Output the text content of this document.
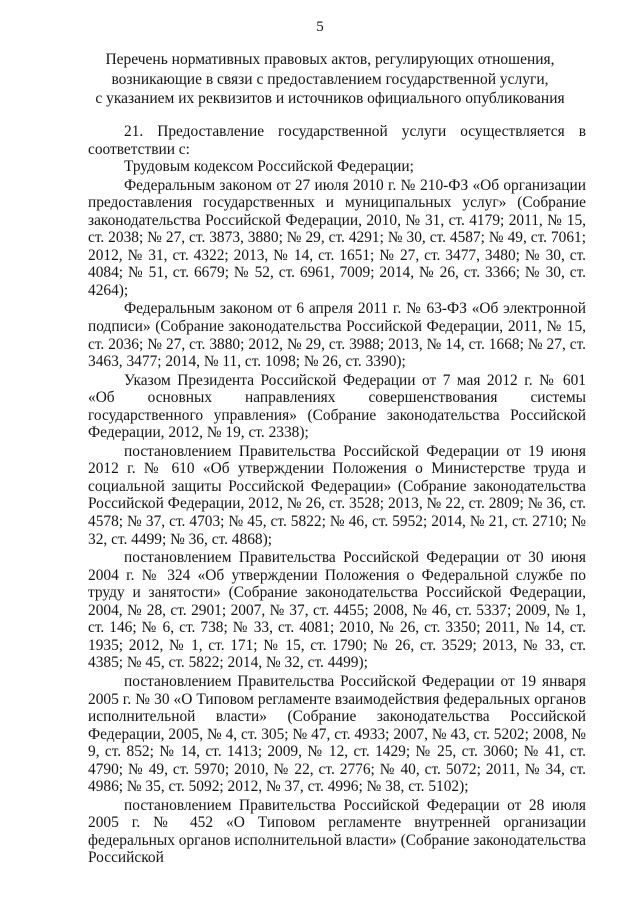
5
Перечень нормативных правовых актов, регулирующих отношения,
возникающие в связи с предоставлением государственной услуги,
с указанием их реквизитов и источников официального опубликования

21. Предоставление государственной услуги осуществляется в соответствии с:

Трудовым кодексом Российской Федерации;

Федеральным законом от 27 июля 2010 г. № 210-ФЗ «Об организации предоставления государственных и муниципальных услуг» (Собрание законодательства Российской Федерации, 2010, № 31, ст. 4179; 2011, № 15, ст. 2038; № 27, ст. 3873, 3880; № 29, ст. 4291; № 30, ст. 4587; № 49, ст. 7061; 2012, № 31, ст. 4322; 2013, № 14, ст. 1651; № 27, ст. 3477, 3480; № 30, ст. 4084; № 51, ст. 6679; № 52, ст. 6961, 7009; 2014, № 26, ст. 3366; № 30, ст. 4264);

Федеральным законом от 6 апреля 2011 г. № 63-ФЗ «Об электронной подписи» (Собрание законодательства Российской Федерации, 2011, № 15, ст. 2036; № 27, ст. 3880; 2012, № 29, ст. 3988; 2013, № 14, ст. 1668; № 27, ст. 3463, 3477; 2014, № 11, ст. 1098; № 26, ст. 3390);

Указом Президента Российской Федерации от 7 мая 2012 г. № 601 «Об основных направлениях совершенствования системы государственного управления» (Собрание законодательства Российской Федерации, 2012, № 19, ст. 2338);

постановлением Правительства Российской Федерации от 19 июня 2012 г. № 610 «Об утверждении Положения о Министерстве труда и социальной защиты Российской Федерации» (Собрание законодательства Российской Федерации, 2012, № 26, ст. 3528; 2013, № 22, ст. 2809; № 36, ст. 4578; № 37, ст. 4703; № 45, ст. 5822; № 46, ст. 5952; 2014, № 21, ст. 2710; № 32, ст. 4499; № 36, ст. 4868);

постановлением Правительства Российской Федерации от 30 июня 2004 г. № 324 «Об утверждении Положения о Федеральной службе по труду и занятости» (Собрание законодательства Российской Федерации, 2004, № 28, ст. 2901; 2007, № 37, ст. 4455; 2008, № 46, ст. 5337; 2009, № 1, ст. 146; № 6, ст. 738; № 33, ст. 4081; 2010, № 26, ст. 3350; 2011, № 14, ст. 1935; 2012, № 1, ст. 171; № 15, ст. 1790; № 26, ст. 3529; 2013, № 33, ст. 4385; № 45, ст. 5822; 2014, № 32, ст. 4499);

постановлением Правительства Российской Федерации от 19 января 2005 г. № 30 «О Типовом регламенте взаимодействия федеральных органов исполнительной власти» (Собрание законодательства Российской Федерации, 2005, № 4, ст. 305; № 47, ст. 4933; 2007, № 43, ст. 5202; 2008, № 9, ст. 852; № 14, ст. 1413; 2009, № 12, ст. 1429; № 25, ст. 3060; № 41, ст. 4790; № 49, ст. 5970; 2010, № 22, ст. 2776; № 40, ст. 5072; 2011, № 34, ст. 4986; № 35, ст. 5092; 2012, № 37, ст. 4996; № 38, ст. 5102);

постановлением Правительства Российской Федерации от 28 июля 2005 г. № 452 «О Типовом регламенте внутренней организации федеральных органов исполнительной власти» (Собрание законодательства Российской
